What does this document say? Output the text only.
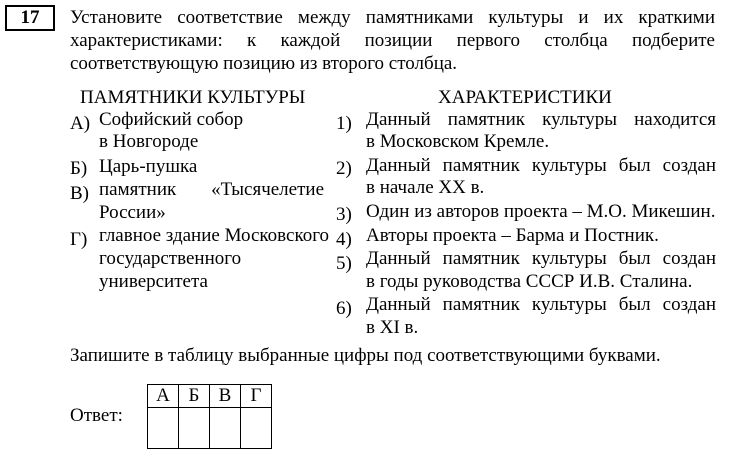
17	Установите соответствие между памятниками культуры и их краткими характеристиками: к каждой позиции первого столбца подберите соответствующую позицию из второго столбца.
ПАМЯТНИКИ КУЛЬТУРЫ	ХАРАКТЕРИСТИКИ
А) Софийский собор
в Новгороде
Б) Царь-пушка
В) памятник «Тысячелетие
России»
Г) главное здание Московского
государственного
университета
1) Данный памятник культуры находится
в Московском Кремле.
2) Данный памятник культуры был создан
в начале XX в.
3) Один из авторов проекта – М.О. Микешин.
4) Авторы проекта – Барма и Постник.
5) Данный памятник культуры был создан
в годы руководства СССР И.В. Сталина.
6) Данный памятник культуры был создан
в XI в.
Запишите в таблицу выбранные цифры под соответствующими буквами.
Ответ:
А	Б	В	Г
